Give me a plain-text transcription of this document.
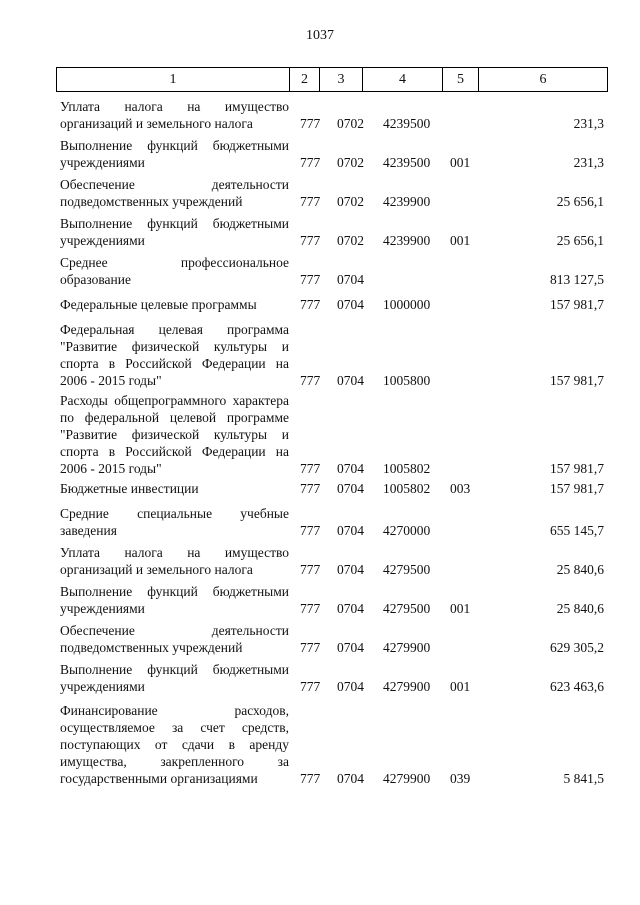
1037
1	2	3	4	5	6
Уплата налога на имущество организаций и земельного налога	777 0702 4239500	231,3
Выполнение функций бюджетными учреждениями	777 0702 4239500 001	231,3
Обеспечение деятельности подведомственных учреждений	777 0702 4239900	25 656,1
Выполнение функций бюджетными учреждениями	777 0702 4239900 001	25 656,1
Среднее профессиональное образование	777 0704	813 127,5
Федеральные целевые программы	777 0704 1000000	157 981,7
Федеральная целевая программа "Развитие физической культуры и спорта в Российской Федерации на 2006 - 2015 годы"	777 0704 1005800	157 981,7
Расходы общепрограммного характера по федеральной целевой программе "Развитие физической культуры и спорта в Российской Федерации на 2006 - 2015 годы"	777 0704 1005802	157 981,7
Бюджетные инвестиции	777 0704 1005802 003	157 981,7
Средние специальные учебные заведения	777 0704 4270000	655 145,7
Уплата налога на имущество организаций и земельного налога	777 0704 4279500	25 840,6
Выполнение функций бюджетными учреждениями	777 0704 4279500 001	25 840,6
Обеспечение деятельности подведомственных учреждений	777 0704 4279900	629 305,2
Выполнение функций бюджетными учреждениями	777 0704 4279900 001	623 463,6
Финансирование расходов, осуществляемое за счет средств, поступающих от сдачи в аренду имущества, закрепленного за государственными организациями	777 0704 4279900 039	5 841,5
